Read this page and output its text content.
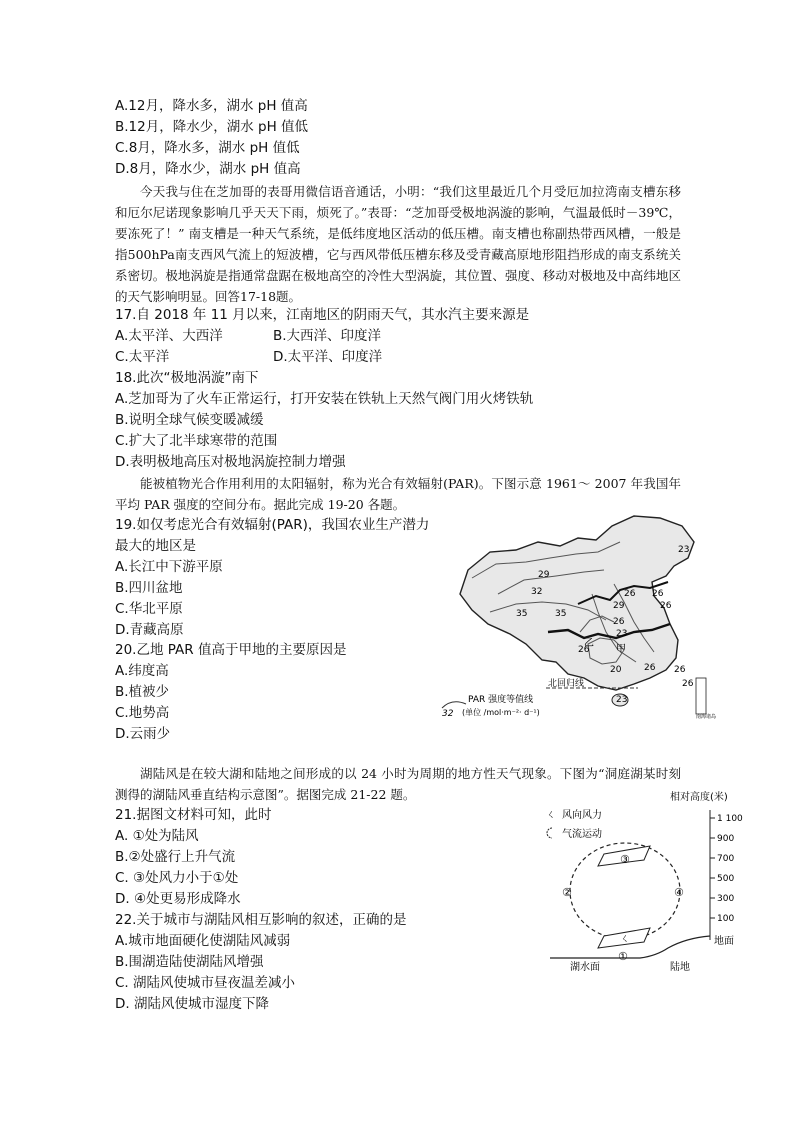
A.12月，降水多，湖水 pH 值高
B.12月，降水少，湖水 pH 值低
C.8月，降水多，湖水 pH 值低
D.8月，降水少，湖水 pH 值高
今天我与住在芝加哥的表哥用微信语音通话，小明：“我们这里最近几个月受厄加拉湾南支槽东移和厄尔尼诺现象影响几乎天天下雨，烦死了。”表哥：“芝加哥受极地涡漩的影响，气温最低时－39℃，要冻死了！” 南支槽是一种天气系统，是低纬度地区活动的低压槽。南支槽也称副热带西风槽，一般是指500hPa南支西风气流上的短波槽，它与西风带低压槽东移及受青藏高原地形阻挡形成的南支系统关系密切。极地涡旋是指通常盘踞在极地高空的冷性大型涡旋，其位置、强度、移动对极地及中高纬地区的天气影响明显。回答17-18题。
17.自 2018 年 11 月以来，江南地区的阴雨天气，其水汽主要来源是
A.太平洋、大西洋	B.大西洋、印度洋
C.太平洋	D.太平洋、印度洋
18.此次“极地涡漩”南下
A.芝加哥为了火车正常运行，打开安装在铁轨上天然气阀门用火烤铁轨
B.说明全球气候变暖减缓
C.扩大了北半球寒带的范围
D.表明极地高压对极地涡旋控制力增强
能被植物光合作用利用的太阳辐射，称为光合有效辐射(PAR)。下图示意 1961～ 2007 年我国年平均 PAR 强度的空间分布。据此完成 19-20 各题。
19.如仅考虑光合有效辐射(PAR)，我国农业生产潜力
最大的地区是
A.长江中下游平原
B.四川盆地
C.华北平原
D.青藏高原
20.乙地 PAR 值高于甲地的主要原因是
A.纬度高
B.植被少
C.地势高
D.云雨少
北回归线
23
29
32
35	35
29
26
26
26
26
23
20
26
26
26
26
23
甲
乙
南海诸岛
32
PAR 强度等值线
(单位 /mol·m⁻²· d⁻¹)
湖陆风是在较大湖和陆地之间形成的以 24 小时为周期的地方性天气现象。下图为“洞庭湖某时刻测得的湖陆风垂直结构示意图”。据图完成 21-22 题。
21.据图文材料可知，此时
A. ①处为陆风
B.②处盛行上升气流
C. ③处风力小于①处
D. ④处更易形成降水
22.关于城市与湖陆风相互影响的叙述，正确的是
A.城市地面硬化使湖陆风减弱
B.围湖造陆使湖陆风增强
C. 湖陆风使城市昼夜温差减小
D. 湖陆风使城市湿度下降
相对高度(米)
1 100
900
700
500
300
100
地面
湖水面	陆地
ㄑ 风向风力
气流运动
ㄑ
③
②	④
①
